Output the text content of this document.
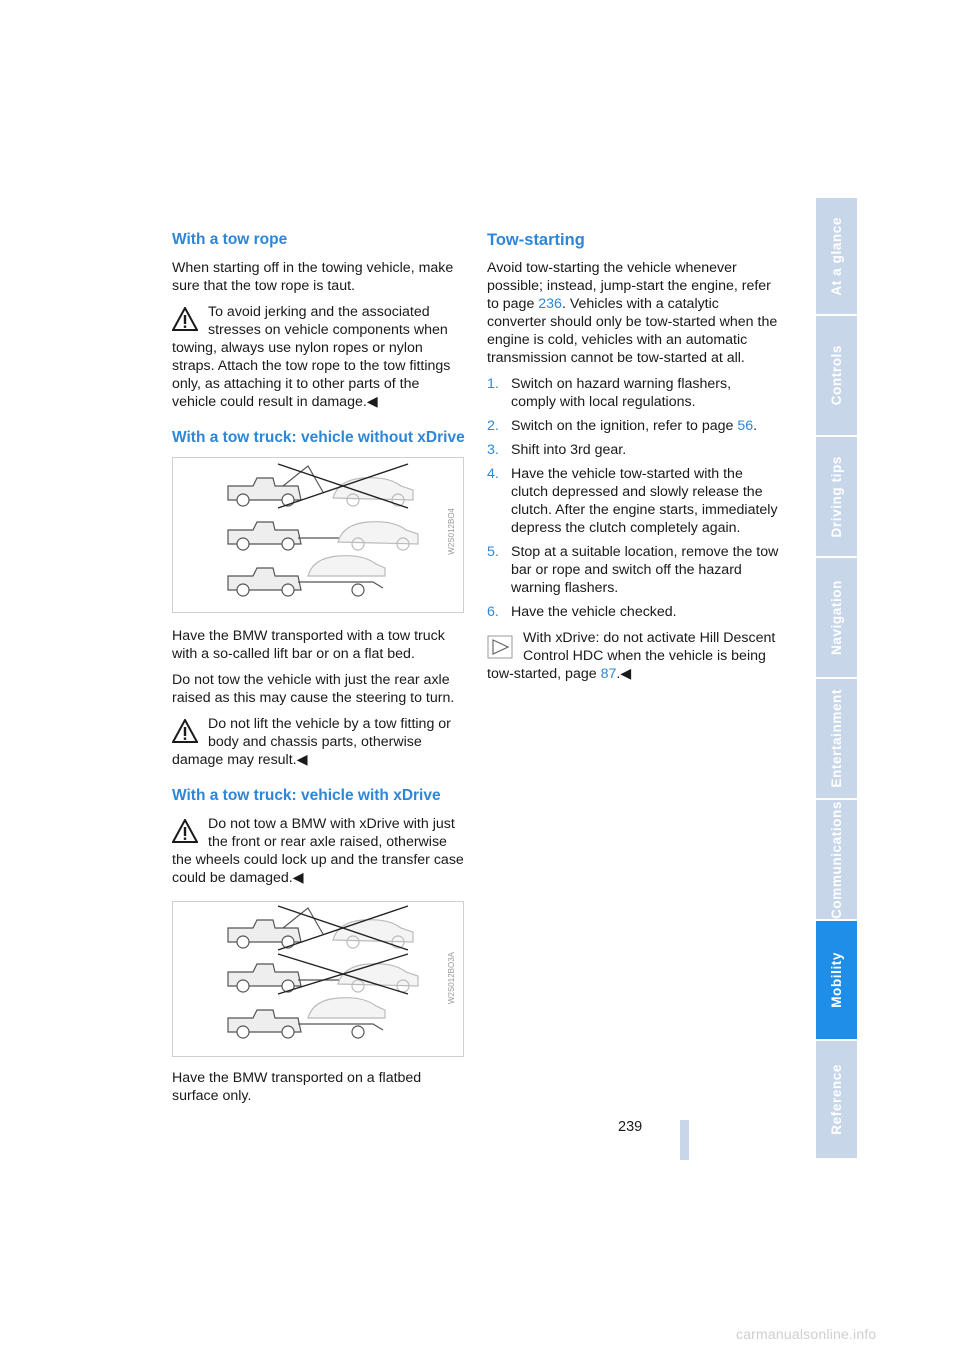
With a tow rope

When starting off in the towing vehicle, make sure that the tow rope is taut.

To avoid jerking and the associated stresses on vehicle components when towing, always use nylon ropes or nylon straps. Attach the tow rope to the tow fittings only, as attaching it to other parts of the vehicle could result in damage.◀
With a tow truck: vehicle without xDrive
W2S012BO4

Have the BMW transported with a tow truck with a so-called lift bar or on a flat bed.

Do not tow the vehicle with just the rear axle raised as this may cause the steering to turn.

Do not lift the vehicle by a tow fitting or body and chassis parts, otherwise damage may result.◀
With a tow truck: vehicle with xDrive
Do not tow a BMW with xDrive with just the front or rear axle raised, otherwise the wheels could lock up and the transfer case could be damaged.◀
W2S012BO3A

Have the BMW transported on a flatbed surface only.

Tow-starting

Avoid tow-starting the vehicle whenever possible; instead, jump-start the engine, refer to page 236. Vehicles with a catalytic converter should only be tow-started when the engine is cold, vehicles with an automatic transmission cannot be tow-started at all.

1. Switch on hazard warning flashers, comply with local regulations.
2. Switch on the ignition, refer to page 56.
3. Shift into 3rd gear.
4. Have the vehicle tow-started with the clutch depressed and slowly release the clutch. After the engine starts, immediately depress the clutch completely again.
5. Stop at a suitable location, remove the tow bar or rope and switch off the hazard warning flashers.
6. Have the vehicle checked.
With xDrive: do not activate Hill Descent Control HDC when the vehicle is being tow-started, page 87.◀
At a glance
Controls
Driving tips
Navigation
Entertainment
Communications
Mobility
Reference
239
carmanualsonline.info
